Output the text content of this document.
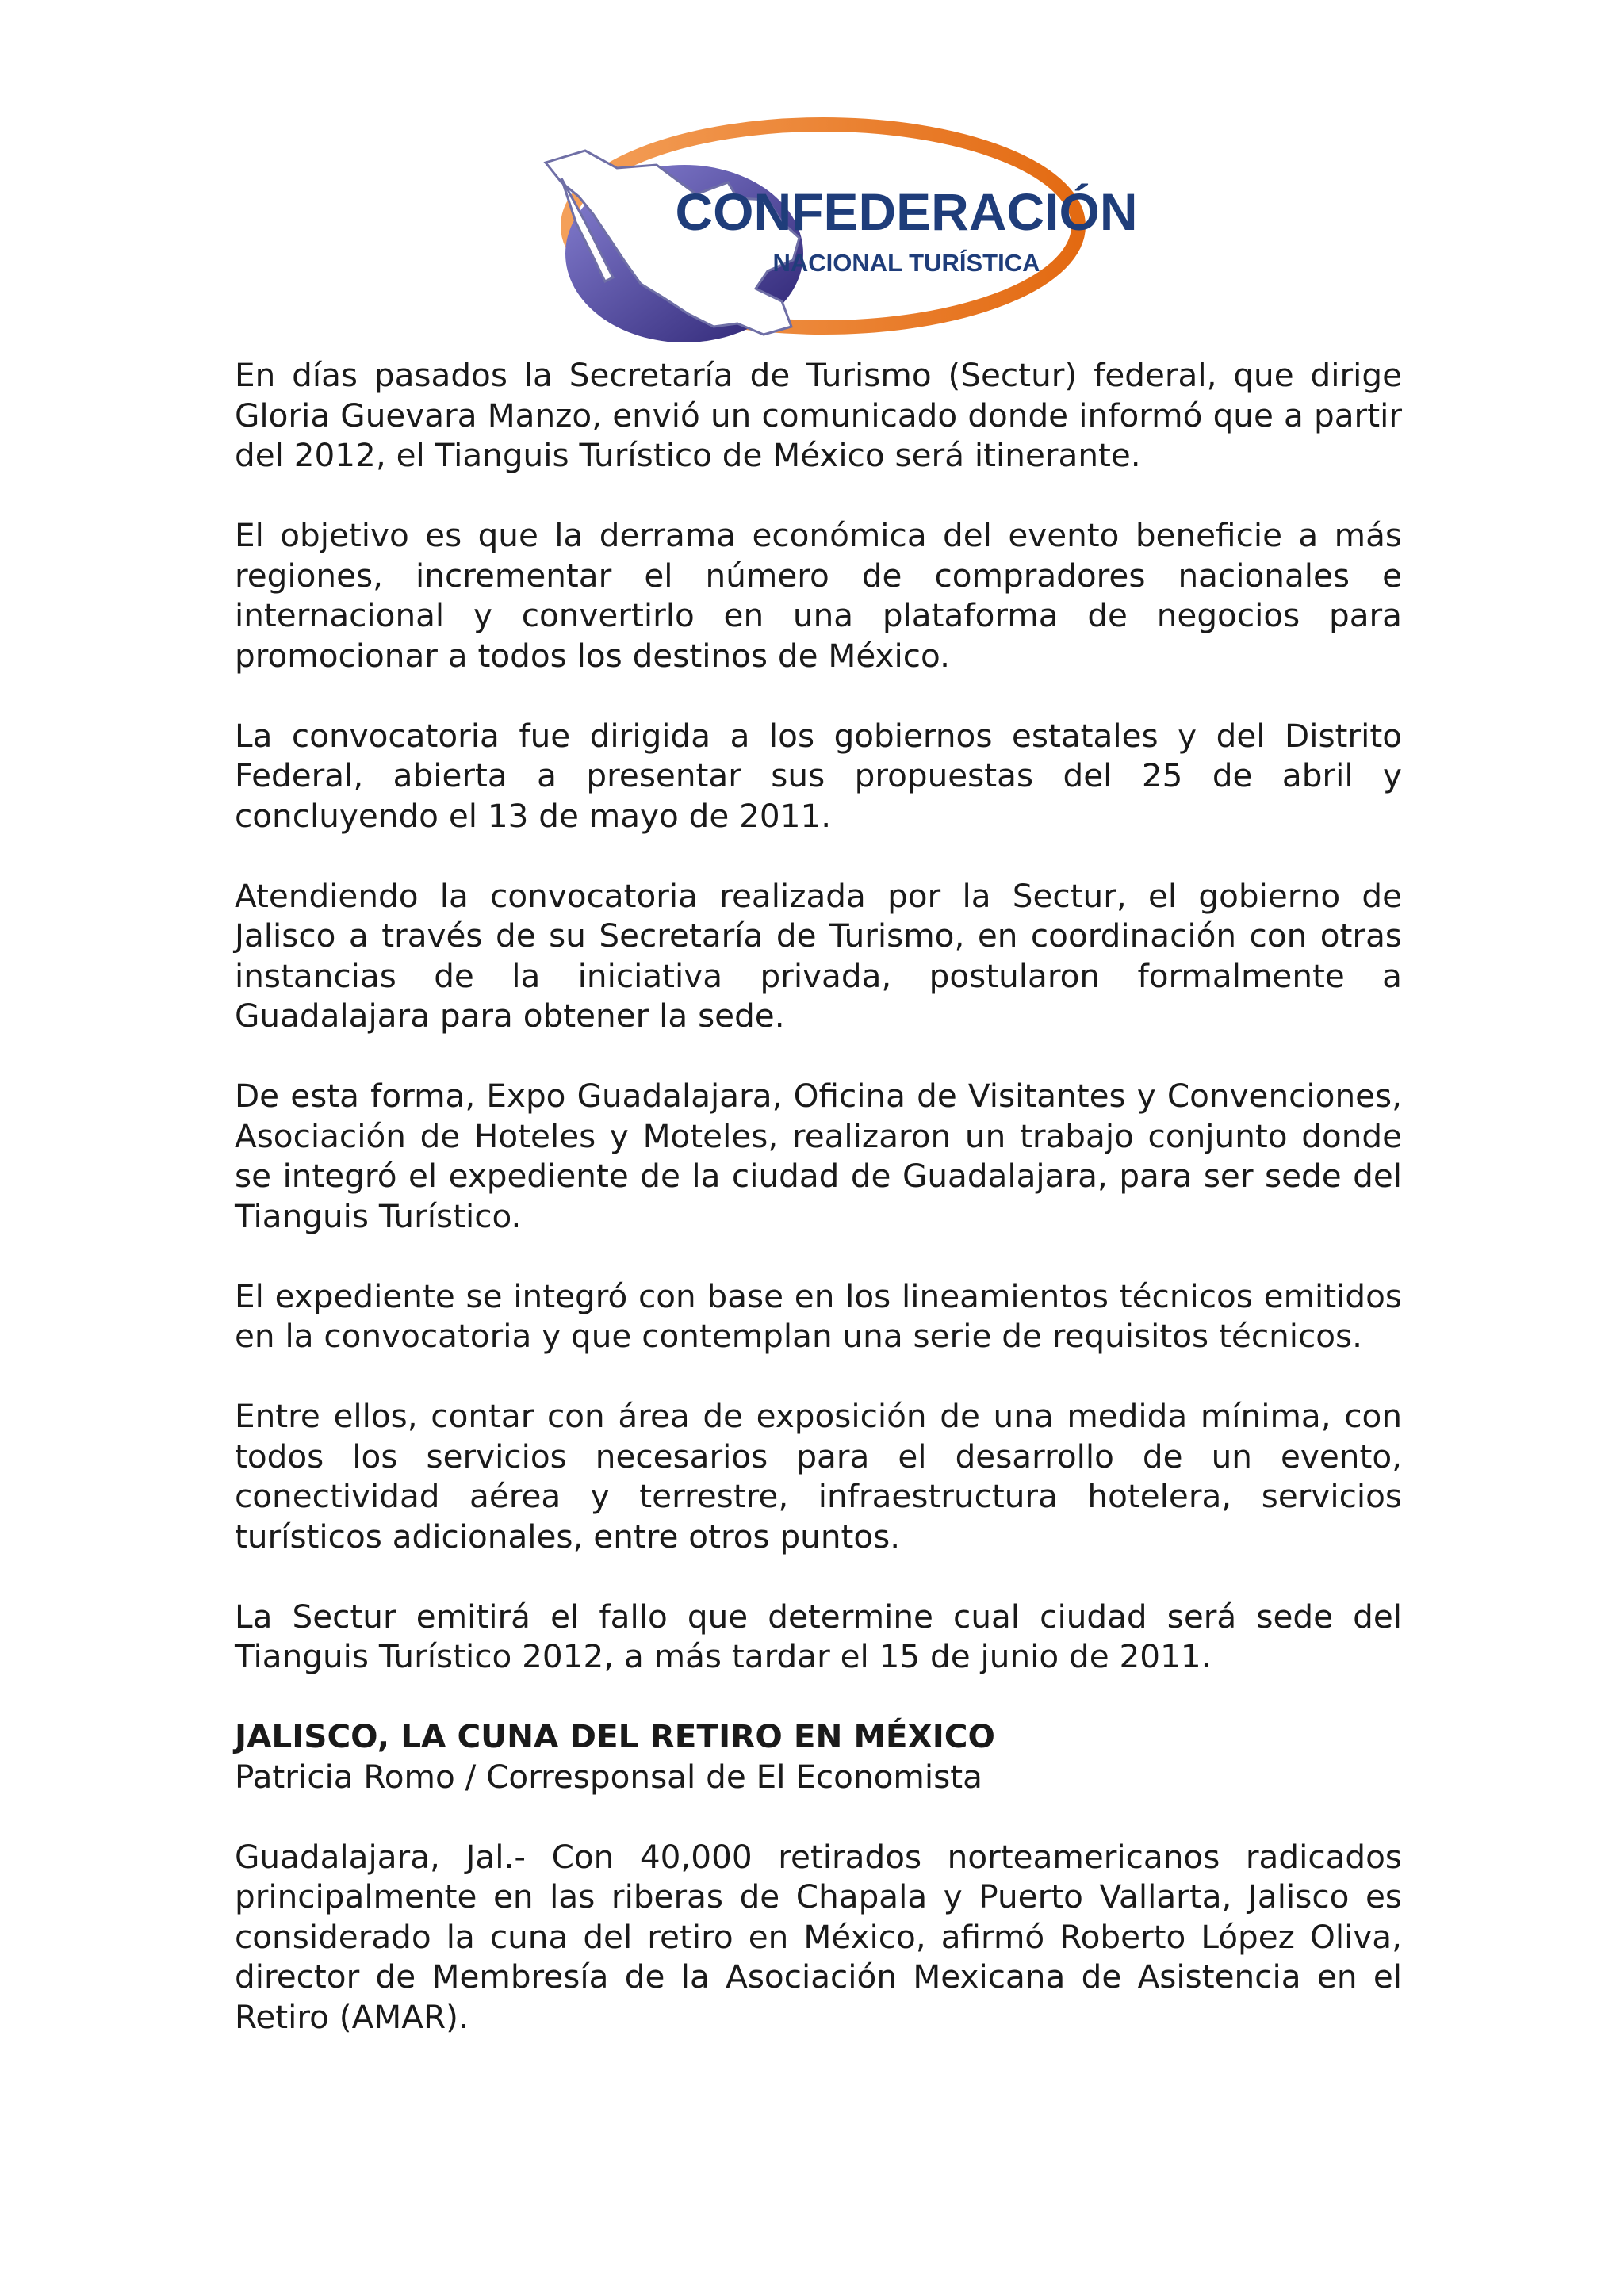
CONFEDERACIÓN
NACIONAL TURÍSTICA

En días pasados la Secretaría de Turismo (Sectur) federal, que dirige Gloria Guevara Manzo, envió un comunicado donde informó que a partir del 2012, el Tianguis Turístico de México será itinerante.

El objetivo es que la derrama económica del evento beneficie a más regiones, incrementar el número de compradores nacionales e internacional y convertirlo en una plataforma de negocios para promocionar a todos los destinos de México.

La convocatoria fue dirigida a los gobiernos estatales y del Distrito Federal, abierta a presentar sus propuestas del 25 de abril y concluyendo el 13 de mayo de 2011.

Atendiendo la convocatoria realizada por la Sectur, el gobierno de Jalisco a través de su Secretaría de Turismo, en coordinación con otras instancias de la iniciativa privada, postularon formalmente a Guadalajara para obtener la sede.

De esta forma, Expo Guadalajara, Oficina de Visitantes y Convenciones, Asociación de Hoteles y Moteles, realizaron un trabajo conjunto donde se integró el expediente de la ciudad de Guadalajara, para ser sede del Tianguis Turístico.

El expediente se integró con base en los lineamientos técnicos emitidos en la convocatoria y que contemplan una serie de requisitos técnicos.

Entre ellos, contar con área de exposición de una medida mínima, con todos los servicios necesarios para el desarrollo de un evento, conectividad aérea y terrestre, infraestructura hotelera, servicios turísticos adicionales, entre otros puntos.

La Sectur emitirá el fallo que determine cual ciudad será sede del Tianguis Turístico 2012, a más tardar el 15 de junio de 2011.

JALISCO, LA CUNA DEL RETIRO EN MÉXICO

Patricia Romo / Corresponsal de El Economista

Guadalajara, Jal.- Con 40,000 retirados norteamericanos radicados principalmente en las riberas de Chapala y Puerto Vallarta, Jalisco es considerado la cuna del retiro en México, afirmó Roberto López Oliva, director de Membresía de la Asociación Mexicana de Asistencia en el Retiro (AMAR).
